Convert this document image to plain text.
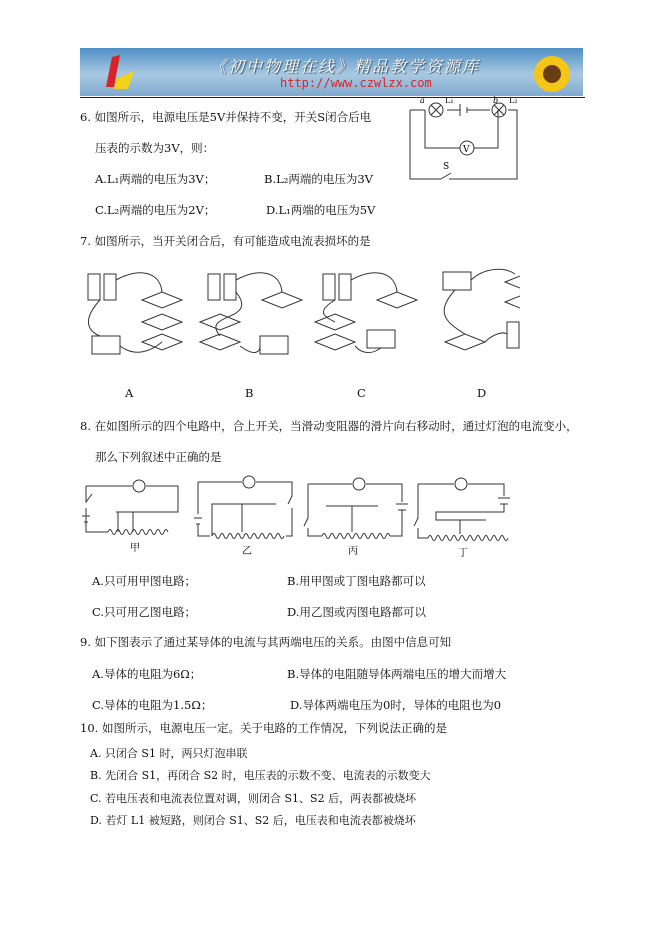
《初中物理在线》精品教学资源库
http://www.czwlzx.com
6. 如图所示，电源电压是5V并保持不变，开关S闭合后电
压表的示数为3V，则：
A.L₁两端的电压为3V；	B.L₂两端的电压为3V
C.L₂两端的电压为2V；	D.L₁两端的电压为5V
V
S
a	b
L₁	L₂
7. 如图所示，当开关闭合后，有可能造成电流表损坏的是
A	B	C	D
8. 在如图所示的四个电路中，合上开关，当滑动变阻器的滑片向右移动时，通过灯泡的电流变小，
那么下列叙述中正确的是
甲	乙	丙	丁
A.只可用甲图电路；	B.用甲图或丁图电路都可以
C.只可用乙图电路；	D.用乙图或丙图电路都可以
9. 如下图表示了通过某导体的电流与其两端电压的关系。由图中信息可知
A.导体的电阻为6Ω；	B.导体的电阻随导体两端电压的增大而增大
C.导体的电阻为1.5Ω；	D.导体两端电压为0时，导体的电阻也为0
10. 如图所示，电源电压一定。关于电路的工作情况，下列说法正确的是
A. 只闭合 S1 时，两只灯泡串联
B. 先闭合 S1，再闭合 S2 时，电压表的示数不变、电流表的示数变大
C. 若电压表和电流表位置对调，则闭合 S1、S2 后，两表都被烧坏
D. 若灯 L1 被短路，则闭合 S1、S2 后，电压表和电流表都被烧坏
